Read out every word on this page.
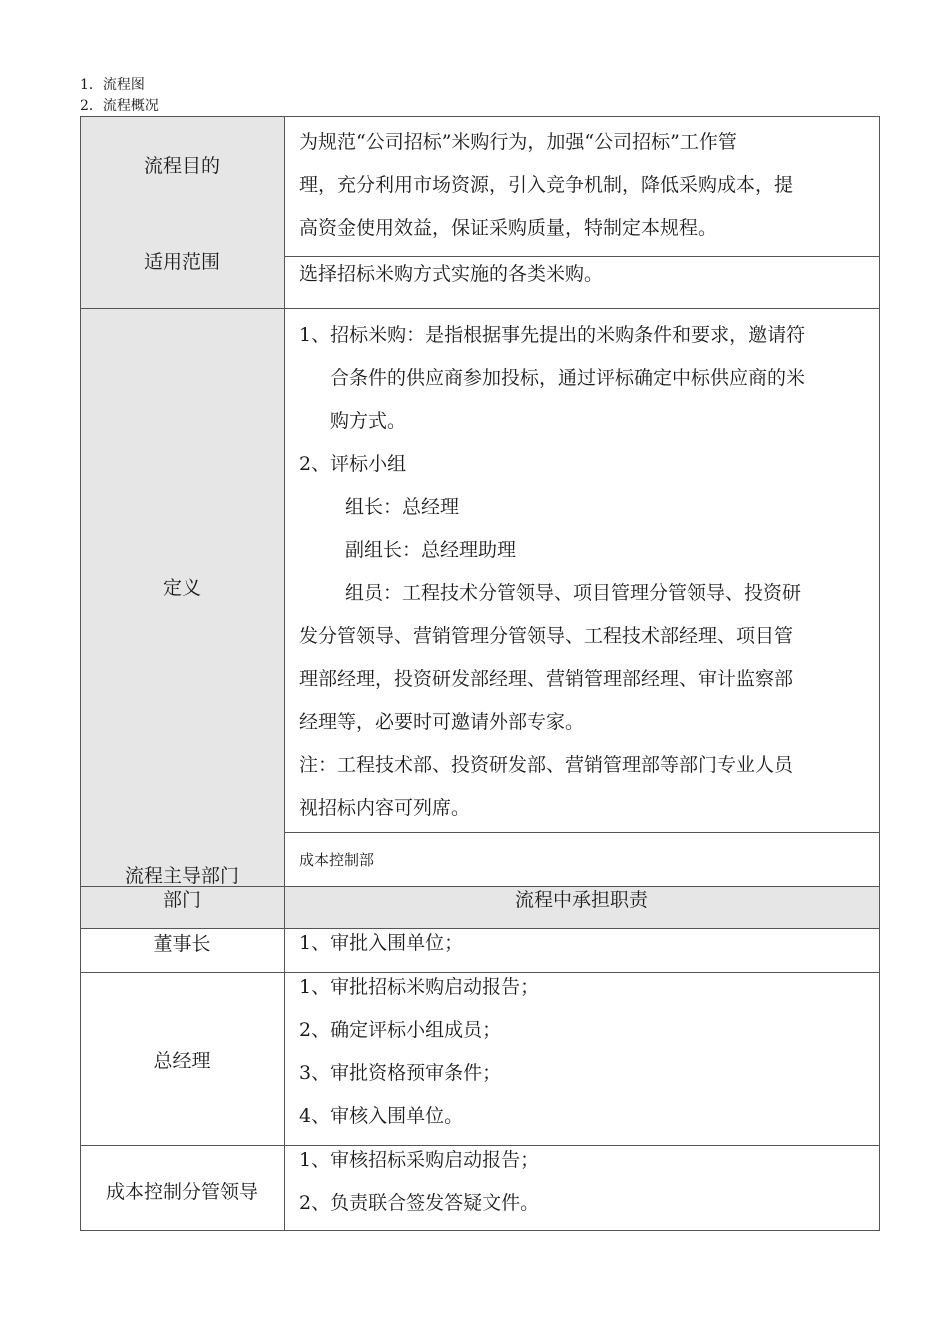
1．流程图
2．流程概况
流程目的
适用范围
定义
流程主导部门
为规范“公司招标”米购行为，加强“公司招标”工作管
理，充分利用市场资源，引入竞争机制，降低采购成本，提
高资金使用效益，保证采购质量，特制定本规程。
选择招标米购方式实施的各类米购。
1、招标米购：是指根据事先提出的米购条件和要求，邀请符
合条件的供应商参加投标，通过评标确定中标供应商的米
购方式。
2、评标小组
组长：总经理
副组长：总经理助理
组员：工程技术分管领导、项目管理分管领导、投资研
发分管领导、营销管理分管领导、工程技术部经理、项目管
理部经理，投资研发部经理、营销管理部经理、审计监察部
经理等，必要时可邀请外部专家。
注：工程技术部、投资研发部、营销管理部等部门专业人员
视招标内容可列席。
成本控制部
部门	流程中承担职责
董事长	1、审批入围单位；
总经理
1、审批招标米购启动报告；
2、确定评标小组成员；
3、审批资格预审条件；
4、审核入围单位。
成本控制分管领导
1、审核招标采购启动报告；
2、负责联合签发答疑文件。
